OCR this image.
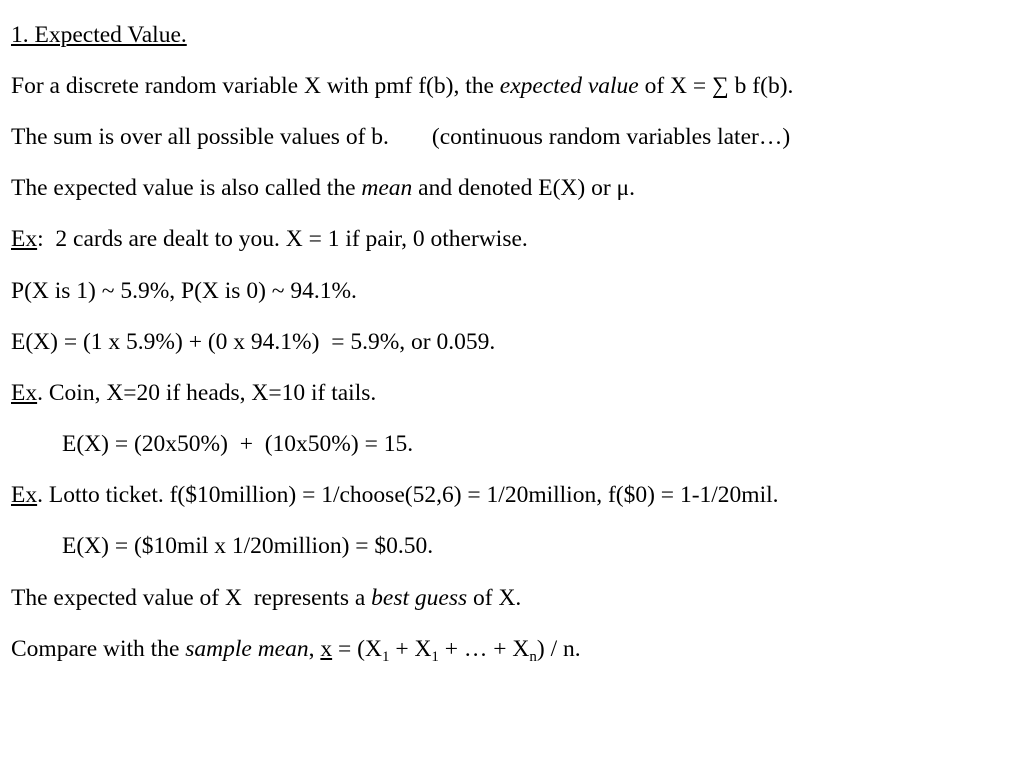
1. Expected Value.
For a discrete random variable X with pmf f(b), the expected value of X = ∑ b f(b).
The sum is over all possible values of b. (continuous random variables later…)
The expected value is also called the mean and denoted E(X) or μ.
Ex:  2 cards are dealt to you. X = 1 if pair, 0 otherwise.
P(X is 1) ~ 5.9%, P(X is 0) ~ 94.1%.
E(X) = (1 x 5.9%) + (0 x 94.1%)  = 5.9%, or 0.059.
Ex. Coin, X=20 if heads, X=10 if tails.
E(X) = (20x50%)  +  (10x50%) = 15.
Ex. Lotto ticket. f($10million) = 1/choose(52,6) = 1/20million, f($0) = 1-1/20mil.
E(X) = ($10mil x 1/20million) = $0.50.
The expected value of X  represents a best guess of X.
Compare with the sample mean, $x = (X_1 + X_1$ + … + $X_n$) / n.
